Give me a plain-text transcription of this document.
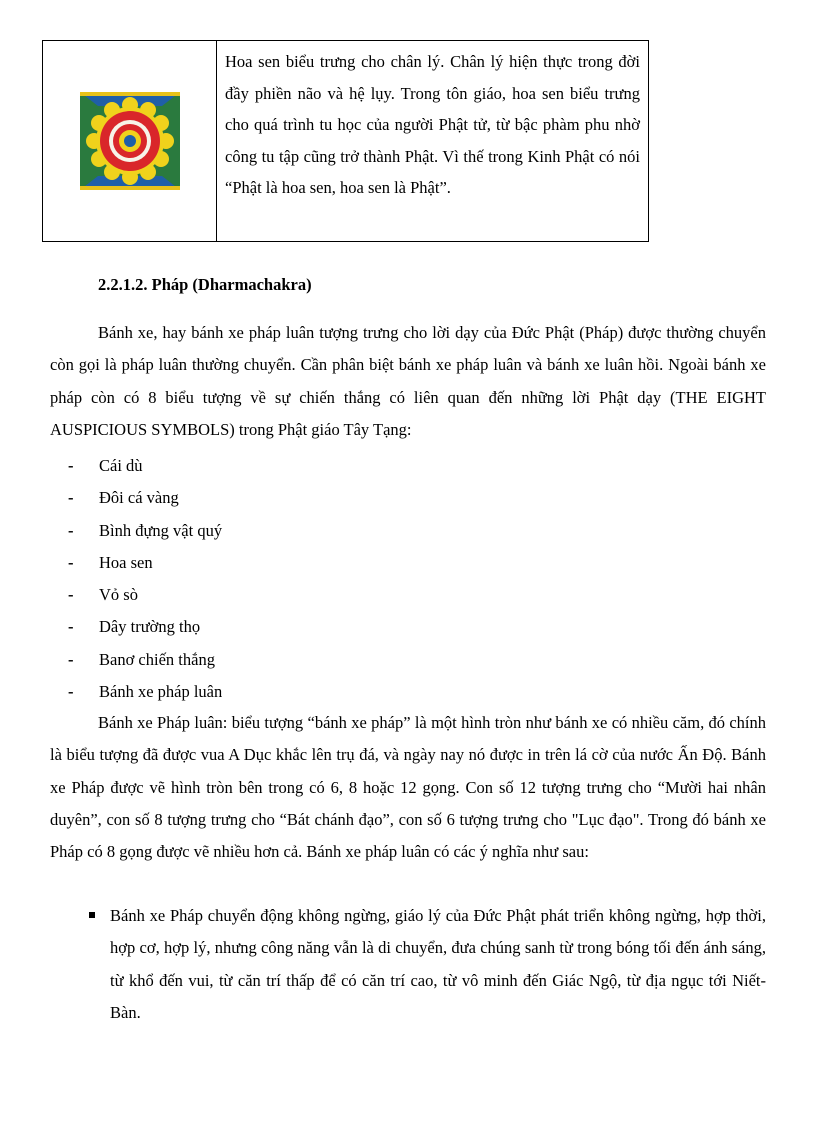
Hoa sen biểu trưng cho chân lý. Chân lý hiện thực trong đời đầy phiền não và hệ lụy. Trong tôn giáo, hoa sen biểu trưng cho quá trình tu học của người Phật tử, từ bậc phàm phu nhờ công tu tập cũng trở thành Phật. Vì thế trong Kinh Phật có nói “Phật là hoa sen, hoa sen là Phật”.
2.2.1.2. Pháp (Dharmachakra)

Bánh xe, hay bánh xe pháp luân tượng trưng cho lời dạy của Đức Phật (Pháp) được thường chuyển còn gọi là pháp luân thường chuyển. Cần phân biệt bánh xe pháp luân và bánh xe luân hồi. Ngoài bánh xe pháp còn có 8 biểu tượng về sự chiến thắng có liên quan đến những lời Phật dạy (THE EIGHT AUSPICIOUS SYMBOLS) trong Phật giáo Tây Tạng:

-	Cái dù
-	Đôi cá vàng
-	Bình đựng vật quý
-	Hoa sen
-	Vỏ sò
-	Dây trường thọ
-	Banơ chiến thắng
-	Bánh xe pháp luân

Bánh xe Pháp luân: biểu tượng “bánh xe pháp” là một hình tròn như bánh xe có nhiều căm, đó chính là biểu tượng đã được vua A Dục khắc lên trụ đá, và ngày nay nó được in trên lá cờ của nước Ấn Độ. Bánh xe Pháp được vẽ hình tròn bên trong có 6, 8 hoặc 12 gọng. Con số 12 tượng trưng cho “Mười hai nhân duyên”, con số 8 tượng trưng cho “Bát chánh đạo”, con số 6 tượng trưng cho "Lục đạo". Trong đó bánh xe Pháp có 8 gọng được vẽ nhiều hơn cả. Bánh xe pháp luân có các ý nghĩa như sau:

Bánh xe Pháp chuyển động không ngừng, giáo lý của Đức Phật phát triển không ngừng, hợp thời, hợp cơ, hợp lý, nhưng công năng vẫn là di chuyển, đưa chúng sanh từ trong bóng tối đến ánh sáng, từ khổ đến vui, từ căn trí thấp để có căn trí cao, từ vô minh đến Giác Ngộ, từ địa ngục tới Niết-Bàn.
